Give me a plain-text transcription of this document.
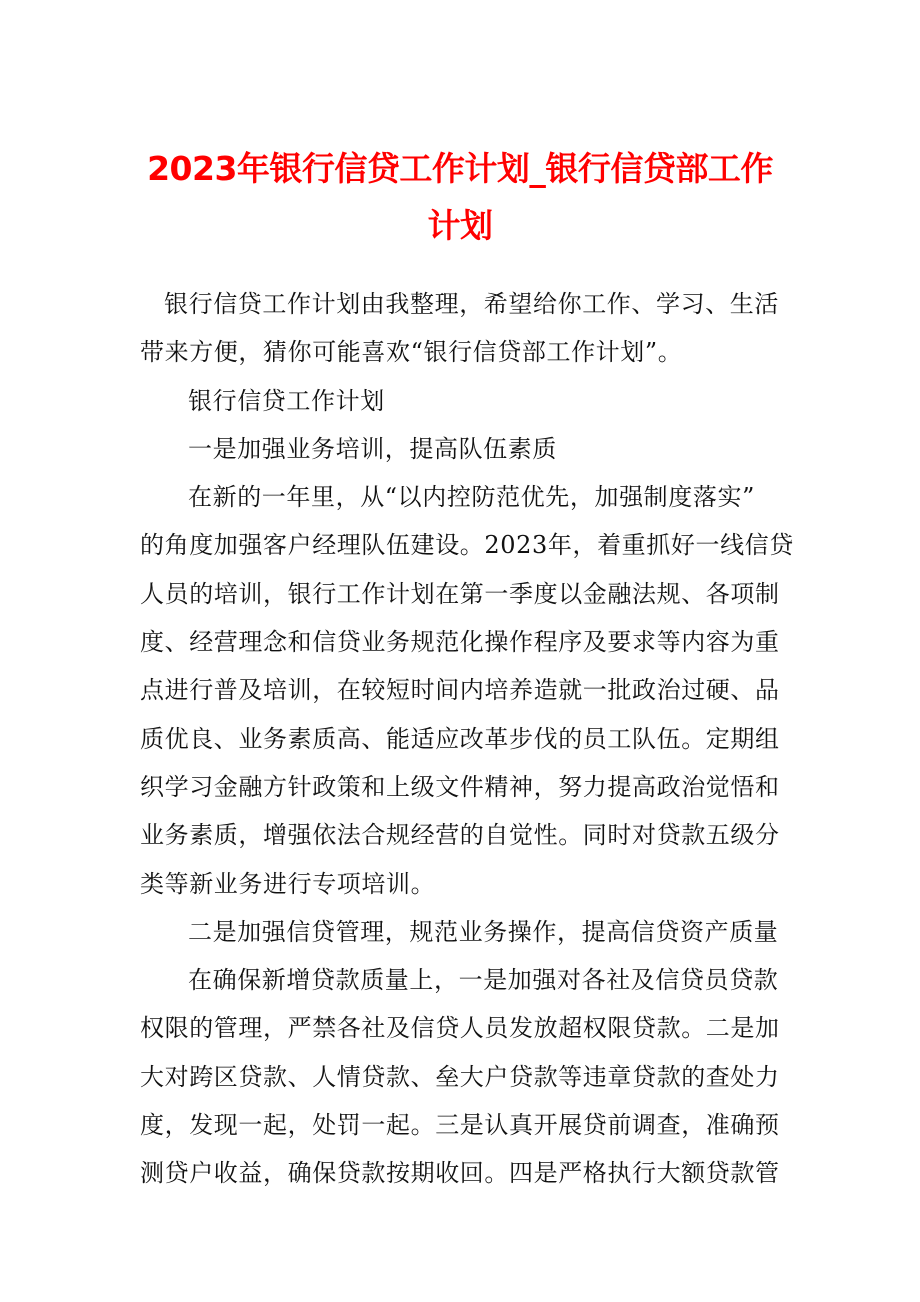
2023年银行信贷工作计划_银行信贷部工作
计划
银行信贷工作计划由我整理，希望给你工作、学习、生活
带来方便，猜你可能喜欢“银行信贷部工作计划”。
银行信贷工作计划
一是加强业务培训，提高队伍素质
在新的一年里，从“以内控防范优先，加强制度落实”
的角度加强客户经理队伍建设。2023年，着重抓好一线信贷
人员的培训，银行工作计划在第一季度以金融法规、各项制
度、经营理念和信贷业务规范化操作程序及要求等内容为重
点进行普及培训，在较短时间内培养造就一批政治过硬、品
质优良、业务素质高、能适应改革步伐的员工队伍。定期组
织学习金融方针政策和上级文件精神，努力提高政治觉悟和
业务素质，增强依法合规经营的自觉性。同时对贷款五级分
类等新业务进行专项培训。
二是加强信贷管理，规范业务操作，提高信贷资产质量
在确保新增贷款质量上，一是加强对各社及信贷员贷款
权限的管理，严禁各社及信贷人员发放超权限贷款。二是加
大对跨区贷款、人情贷款、垒大户贷款等违章贷款的查处力
度，发现一起，处罚一起。三是认真开展贷前调查，准确预
测贷户收益，确保贷款按期收回。四是严格执行大额贷款管
